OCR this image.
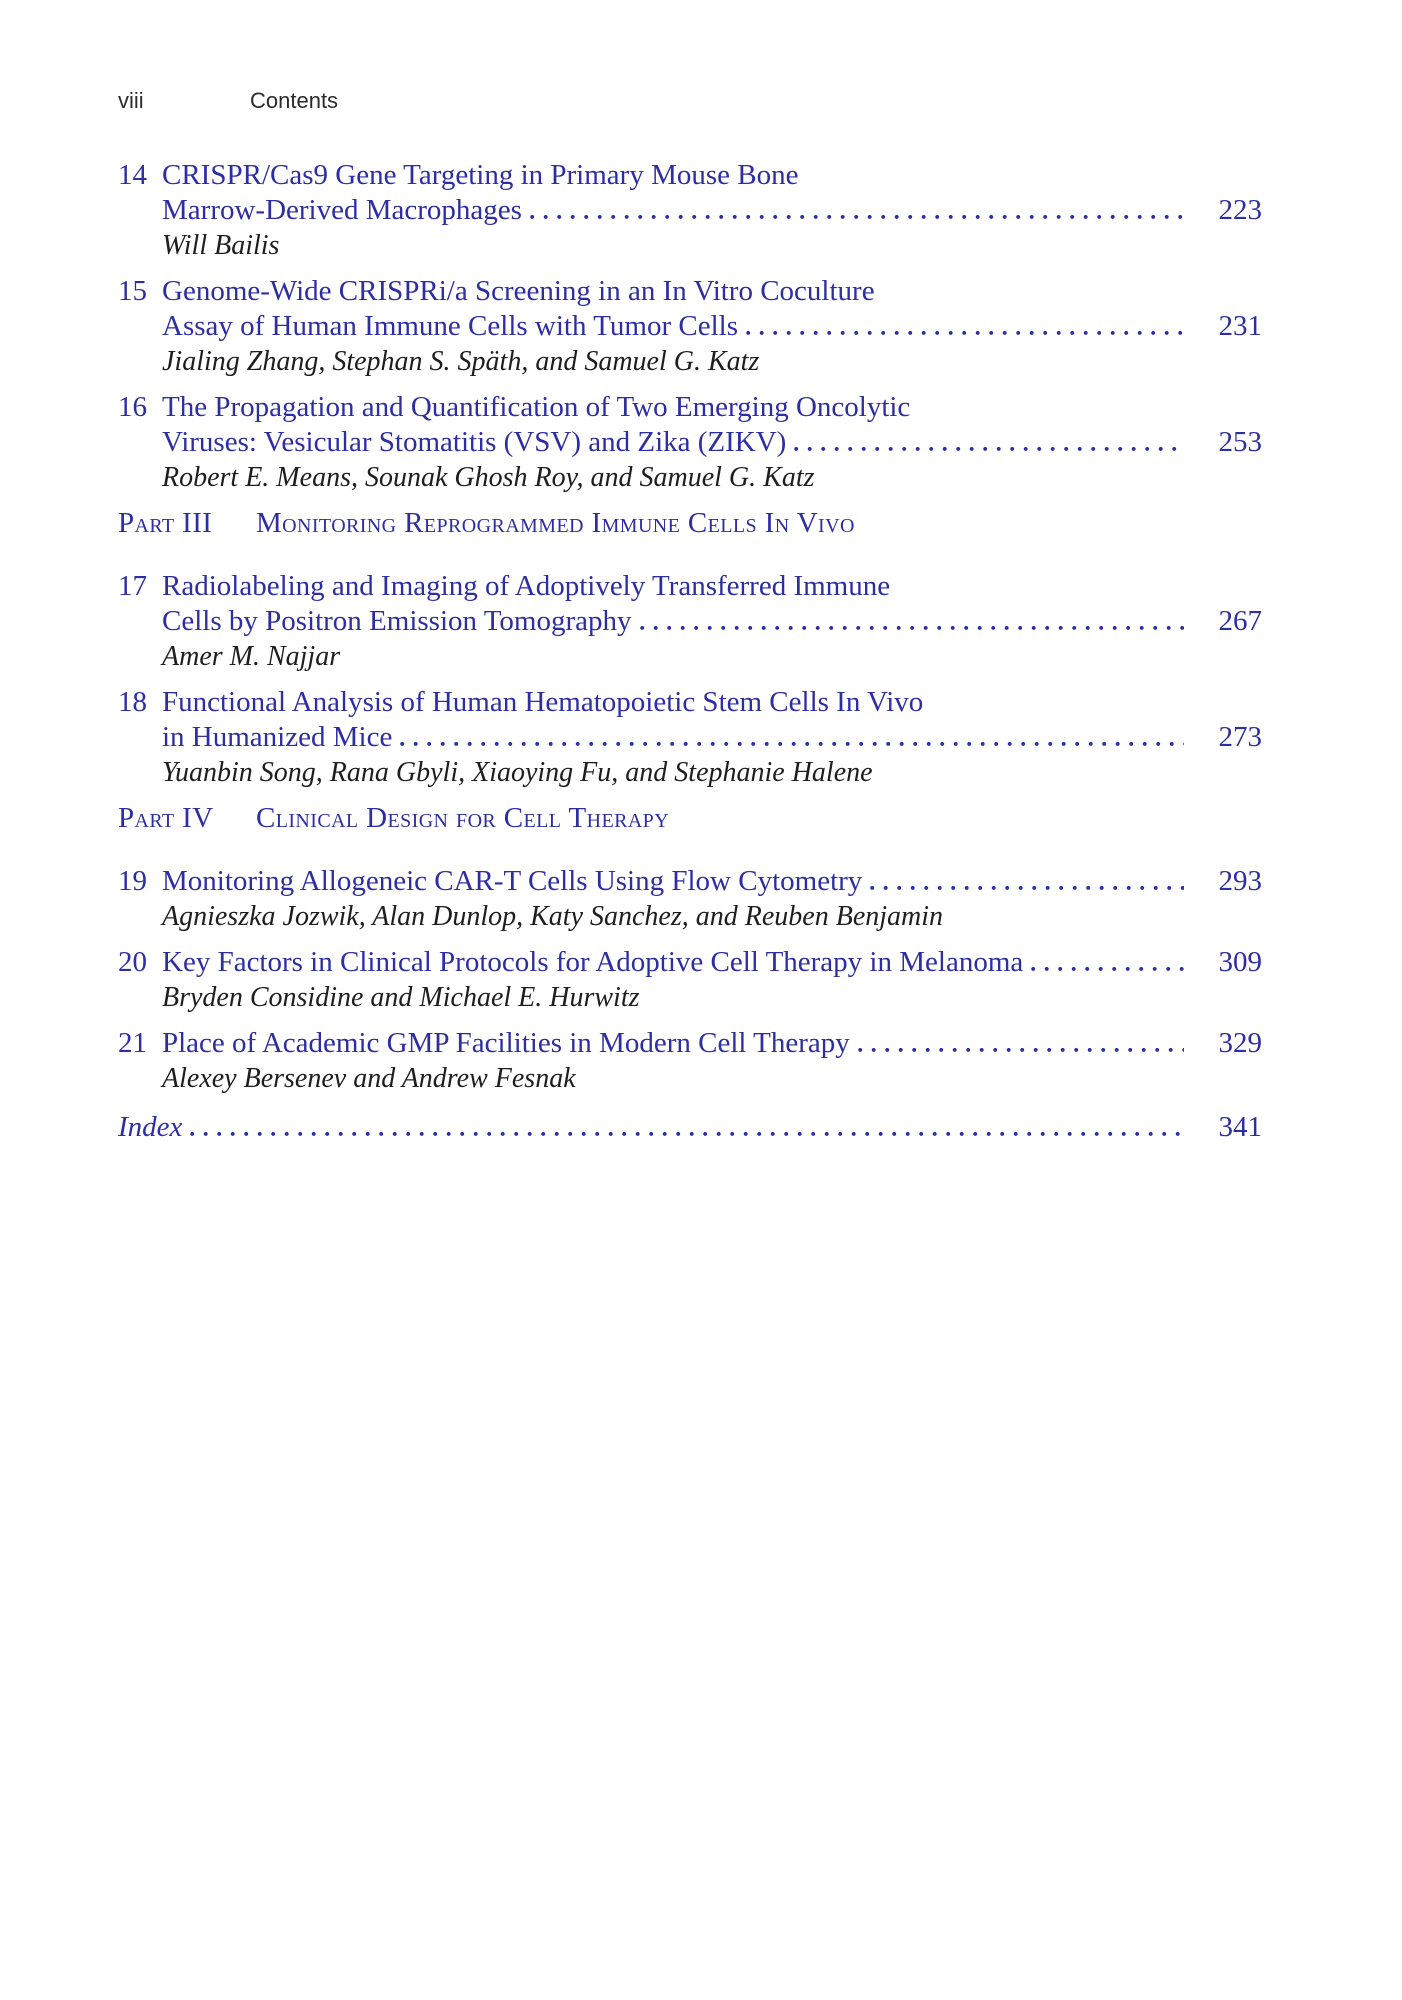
viii	Contents
14 CRISPR/Cas9 Gene Targeting in Primary Mouse Bone
Marrow-Derived Macrophages	223
Will Bailis
15 Genome-Wide CRISPRi/a Screening in an In Vitro Coculture
Assay of Human Immune Cells with Tumor Cells	231
Jialing Zhang, Stephan S. Späth, and Samuel G. Katz
16 The Propagation and Quantification of Two Emerging Oncolytic
Viruses: Vesicular Stomatitis (VSV) and Zika (ZIKV)	253
Robert E. Means, Sounak Ghosh Roy, and Samuel G. Katz
Part III	Monitoring Reprogrammed Immune Cells In Vivo
17 Radiolabeling and Imaging of Adoptively Transferred Immune
Cells by Positron Emission Tomography	267
Amer M. Najjar
18 Functional Analysis of Human Hematopoietic Stem Cells In Vivo
in Humanized Mice	273
Yuanbin Song, Rana Gbyli, Xiaoying Fu, and Stephanie Halene
Part IV	Clinical Design for Cell Therapy
19 Monitoring Allogeneic CAR-T Cells Using Flow Cytometry	293
Agnieszka Jozwik, Alan Dunlop, Katy Sanchez, and Reuben Benjamin
20 Key Factors in Clinical Protocols for Adoptive Cell Therapy in Melanoma	309
Bryden Considine and Michael E. Hurwitz
21 Place of Academic GMP Facilities in Modern Cell Therapy	329
Alexey Bersenev and Andrew Fesnak
Index	341
